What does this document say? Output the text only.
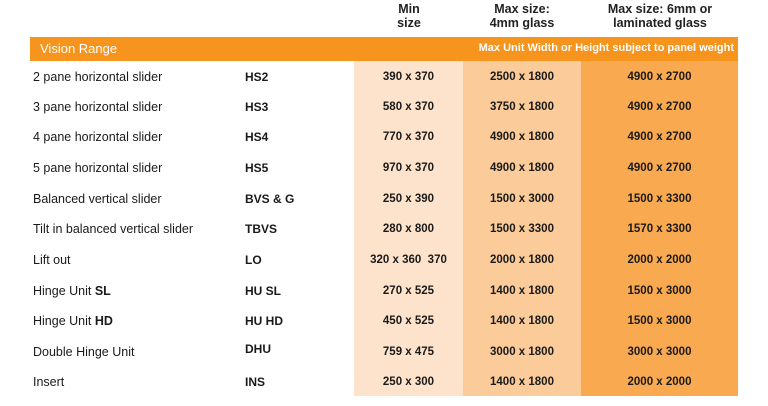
Min
size
Max size:
4mm glass
Max size: 6mm or
laminated glass
Vision Range	Max Unit Width or Height subject to panel weight
2 pane horizontal slider	HS2	390 x 370	2500 x 1800	4900 x 2700
3 pane horizontal slider	HS3	580 x 370	3750 x 1800	4900 x 2700
4 pane horizontal slider	HS4	770 x 370	4900 x 1800	4900 x 2700
5 pane horizontal slider	HS5	970 x 370	4900 x 1800	4900 x 2700
Balanced vertical slider	BVS & G	250 x 390	1500 x 3000	1500 x 3300
Tilt in balanced vertical slider	TBVS	280 x 800	1500 x 3300	1570 x 3300
Lift out	LO	320 x 360  370	2000 x 1800	2000 x 2000
Hinge Unit SL	HU SL	270 x 525	1400 x 1800	1500 x 3000
Hinge Unit HD	HU HD	450 x 525	1400 x 1800	1500 x 3000
Double Hinge Unit	DHU	759 x 475	3000 x 1800	3000 x 3000
Insert	INS	250 x 300	1400 x 1800	2000 x 2000
